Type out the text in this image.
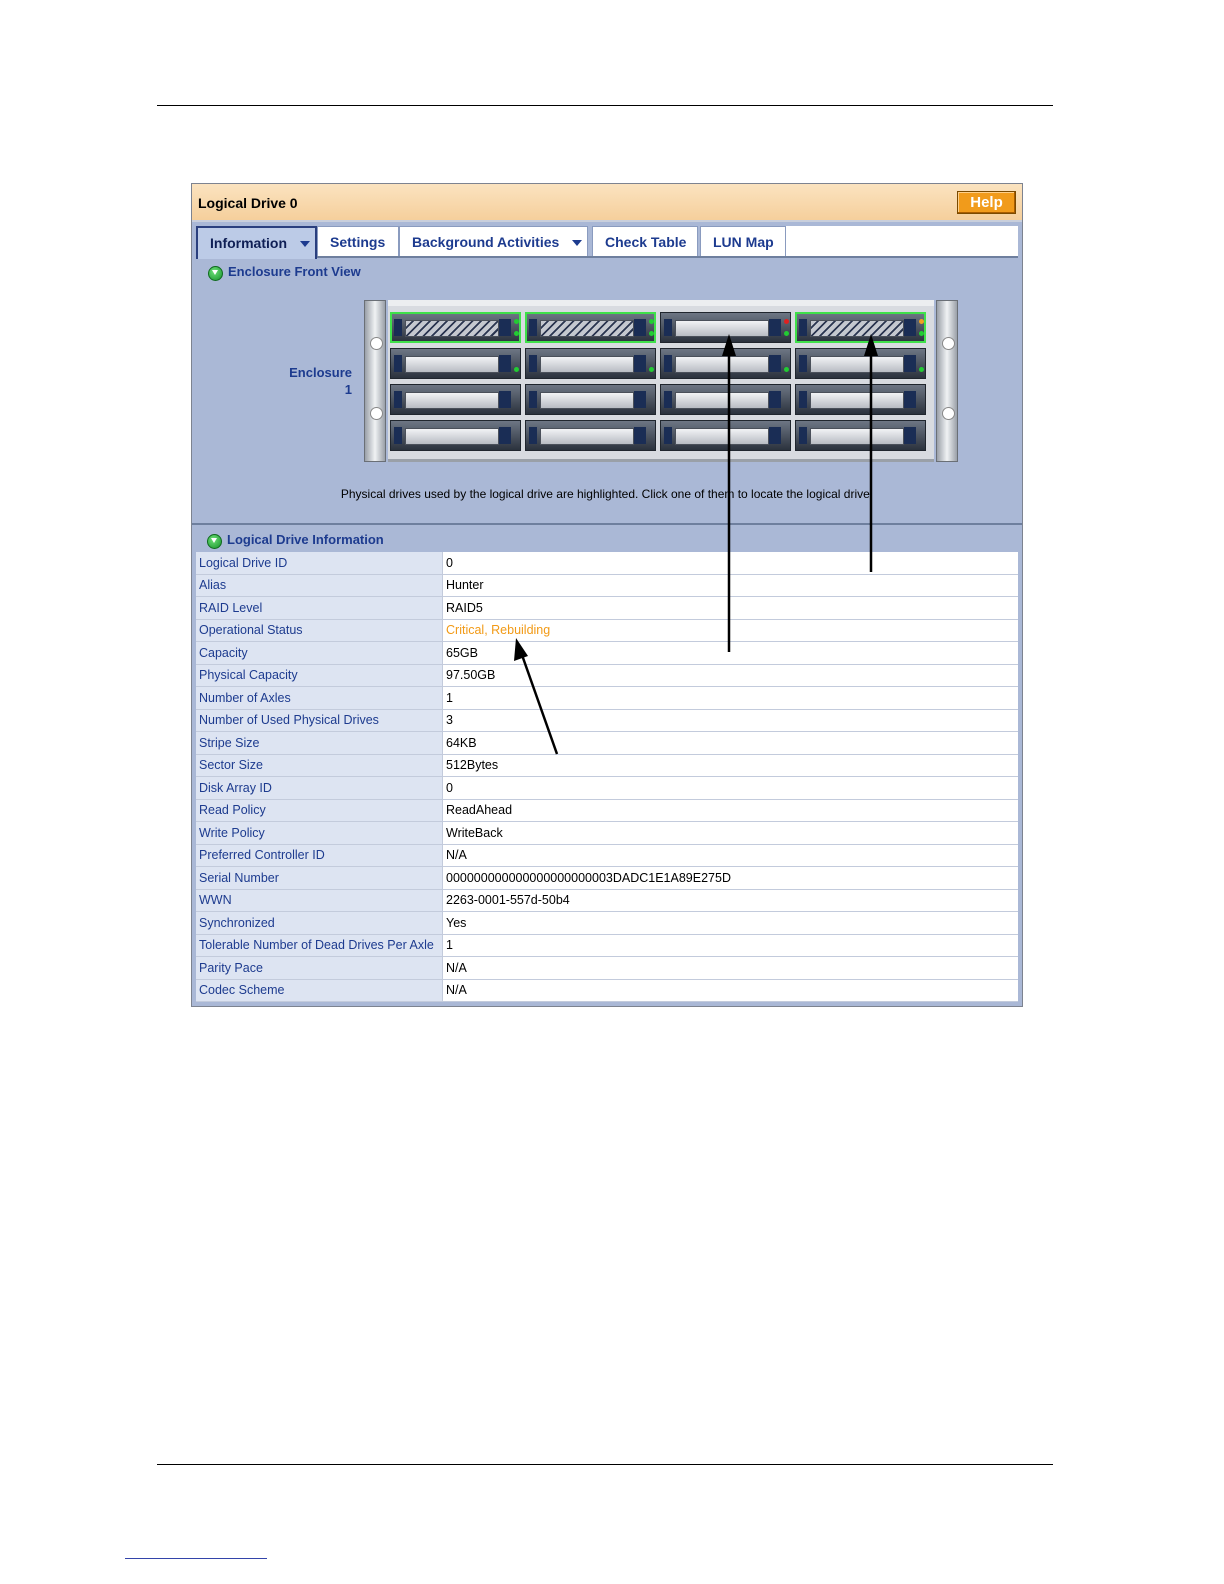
Logical Drive 0	Help
Information	Settings	Background Activities	Check Table	LUN Map
Enclosure Front View
Enclosure
1
Physical drives used by the logical drive are highlighted. Click one of them to locate the logical drive.
Logical Drive Information
Logical Drive ID	0
Alias	Hunter
RAID Level	RAID5
Operational Status	Critical, Rebuilding
Capacity	65GB
Physical Capacity	97.50GB
Number of Axles	1
Number of Used Physical Drives	3
Stripe Size	64KB
Sector Size	512Bytes
Disk Array ID	0
Read Policy	ReadAhead
Write Policy	WriteBack
Preferred Controller ID	N/A
Serial Number	000000000000000000000003DADC1E1A89E275D
WWN	2263-0001-557d-50b4
Synchronized	Yes
Tolerable Number of Dead Drives Per Axle	1
Parity Pace	N/A
Codec Scheme	N/A
